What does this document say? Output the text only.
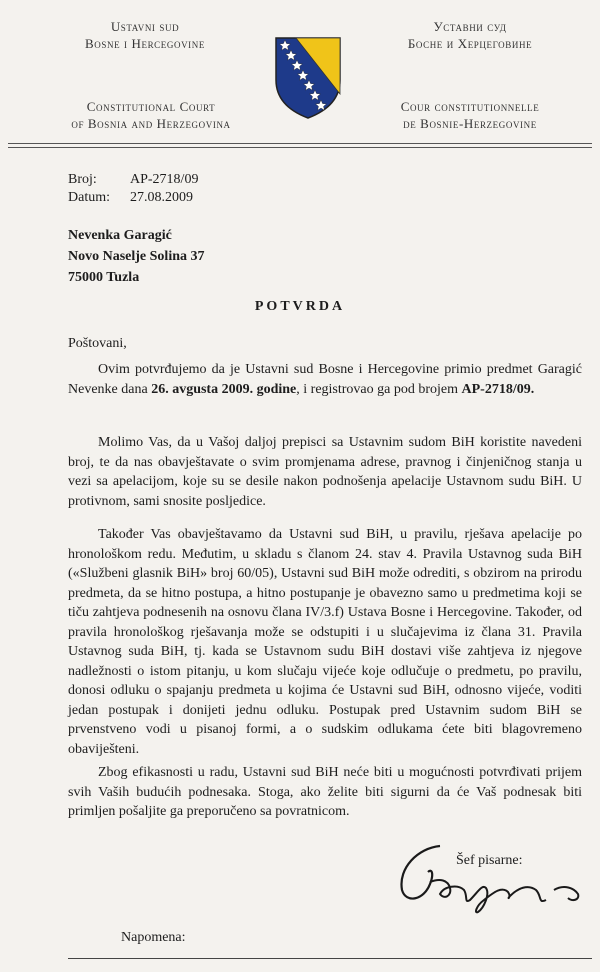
Ustavni sud
Bosne i Hercegovine
Уставни суд
Босне и Херцеговине
Constitutional Court
of Bosnia and Herzegovina
Cour constitutionnelle
de Bosnie-Herzegovine
Broj: AP-2718/09
Datum: 27.08.2009
Nevenka Garagić
Novo Naselje Solina 37
75000 Tuzla
POTVRDA
Poštovani,
Ovim potvrđujemo da je Ustavni sud Bosne i Hercegovine primio predmet Garagić Nevenke dana 26. avgusta 2009. godine, i registrovao ga pod brojem AP-2718/09.
Molimo Vas, da u Vašoj daljoj prepisci sa Ustavnim sudom BiH koristite navedeni broj, te da nas obavještavate o svim promjenama adrese, pravnog i činjeničnog stanja u vezi sa apelacijom, koje su se desile nakon podnošenja apelacije Ustavnom sudu BiH. U protivnom, sami snosite posljedice.
Također Vas obavještavamo da Ustavni sud BiH, u pravilu, rješava apelacije po hronološkom redu. Međutim, u skladu s članom 24. stav 4. Pravila Ustavnog suda BiH («Službeni glasnik BiH» broj 60/05), Ustavni sud BiH može odrediti, s obzirom na prirodu predmeta, da se hitno postupa, a hitno postupanje je obavezno samo u predmetima koji se tiču zahtjeva podnesenih na osnovu člana IV/3.f) Ustava Bosne i Hercegovine. Također, od pravila hronološkog rješavanja može se odstupiti i u slučajevima iz člana 31. Pravila Ustavnog suda BiH, tj. kada se Ustavnom sudu BiH dostavi više zahtjeva iz njegove nadležnosti o istom pitanju, u kom slučaju vijeće koje odlučuje o predmetu, po pravilu, donosi odluku o spajanju predmeta u kojima će Ustavni sud BiH, odnosno vijeće, voditi jedan postupak i donijeti jednu odluku. Postupak pred Ustavnim sudom BiH se prvenstveno vodi u pisanoj formi, a o sudskim odlukama ćete biti blagovremeno obaviješteni.
Zbog efikasnosti u radu, Ustavni sud BiH neće biti u mogućnosti potvrđivati prijem svih Vaših budućih podnesaka. Stoga, ako želite biti sigurni da će Vaš podnesak biti primljen pošaljite ga preporučeno sa povratnicom.
Šef pisarne:
Napomena:
